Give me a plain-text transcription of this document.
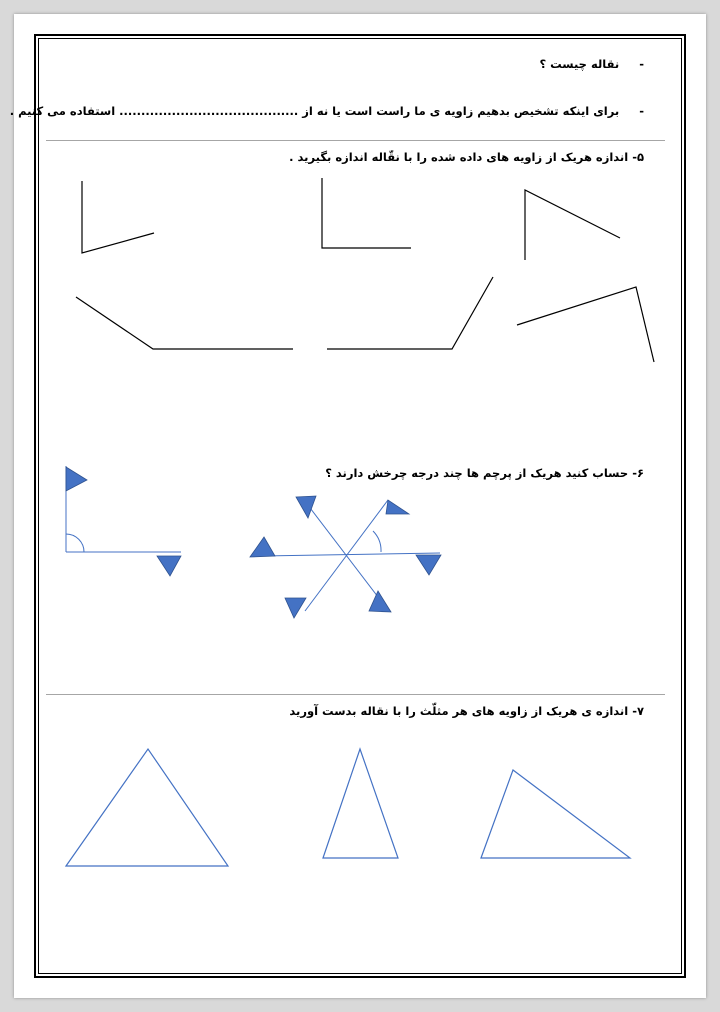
-     نقاله چیست ؟
-     برای اینکه تشخیص بدهیم زاویه ی ما راست است یا نه از ......................................... استفاده می کنیم .
۵- اندازه هریک از زاویه های داده شده را با نقّاله اندازه بگیرید .
۶- حساب کنید هریک از پرچم ها چند درجه چرخش دارند ؟
۷- اندازه ی هریک از زاویه های هر مثلّث را با نقاله بدست آورید
